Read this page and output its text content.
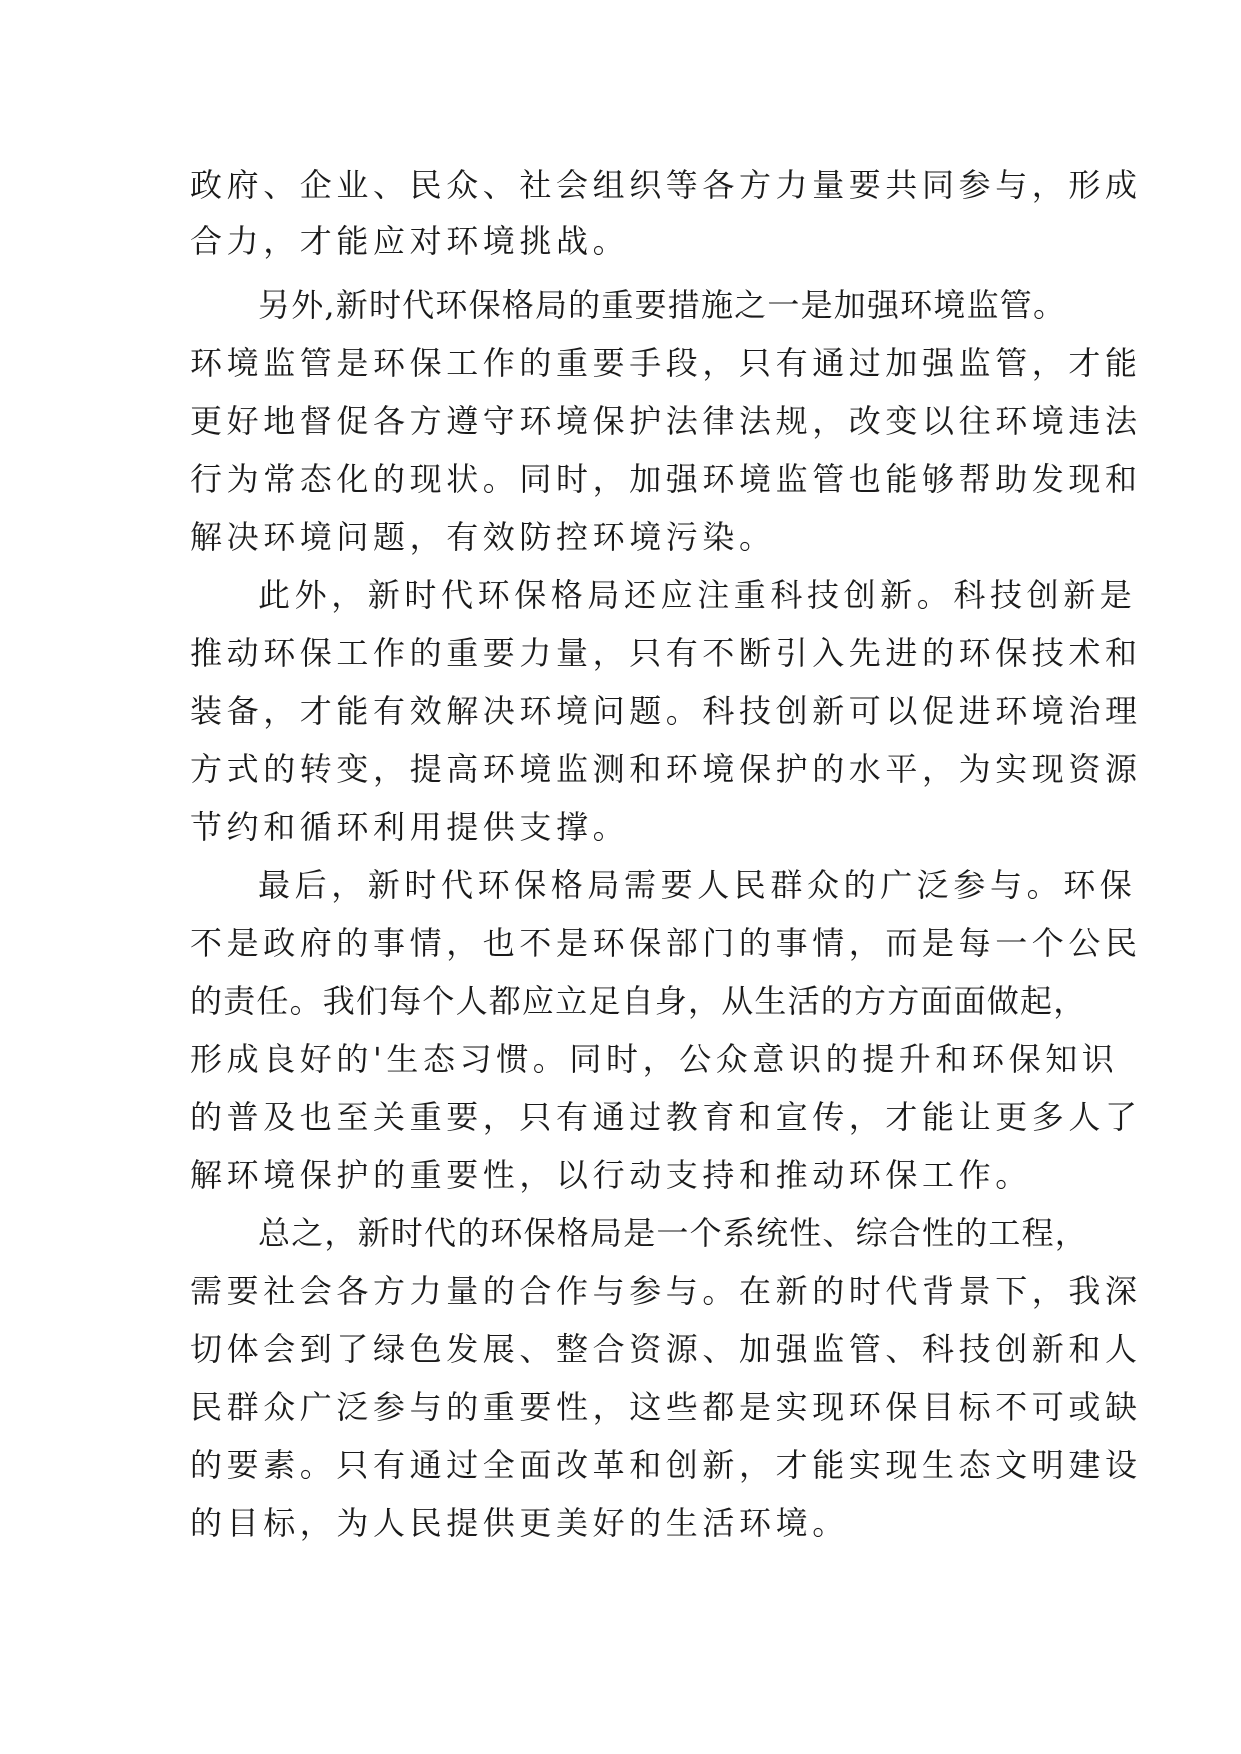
政府、企业、民众、社会组织等各方力量要共同参与，形成
合力，才能应对环境挑战。
另外,新时代环保格局的重要措施之一是加强环境监管。
环境监管是环保工作的重要手段，只有通过加强监管，才能
更好地督促各方遵守环境保护法律法规，改变以往环境违法
行为常态化的现状。同时，加强环境监管也能够帮助发现和
解决环境问题，有效防控环境污染。
此外，新时代环保格局还应注重科技创新。科技创新是
推动环保工作的重要力量，只有不断引入先进的环保技术和
装备，才能有效解决环境问题。科技创新可以促进环境治理
方式的转变，提高环境监测和环境保护的水平，为实现资源
节约和循环利用提供支撑。
最后，新时代环保格局需要人民群众的广泛参与。环保
不是政府的事情，也不是环保部门的事情，而是每一个公民
的责任。我们每个人都应立足自身，从生活的方方面面做起，
形成良好的'生态习惯。同时，公众意识的提升和环保知识
的普及也至关重要，只有通过教育和宣传，才能让更多人了
解环境保护的重要性，以行动支持和推动环保工作。
总之，新时代的环保格局是一个系统性、综合性的工程，
需要社会各方力量的合作与参与。在新的时代背景下，我深
切体会到了绿色发展、整合资源、加强监管、科技创新和人
民群众广泛参与的重要性，这些都是实现环保目标不可或缺
的要素。只有通过全面改革和创新，才能实现生态文明建设
的目标，为人民提供更美好的生活环境。
